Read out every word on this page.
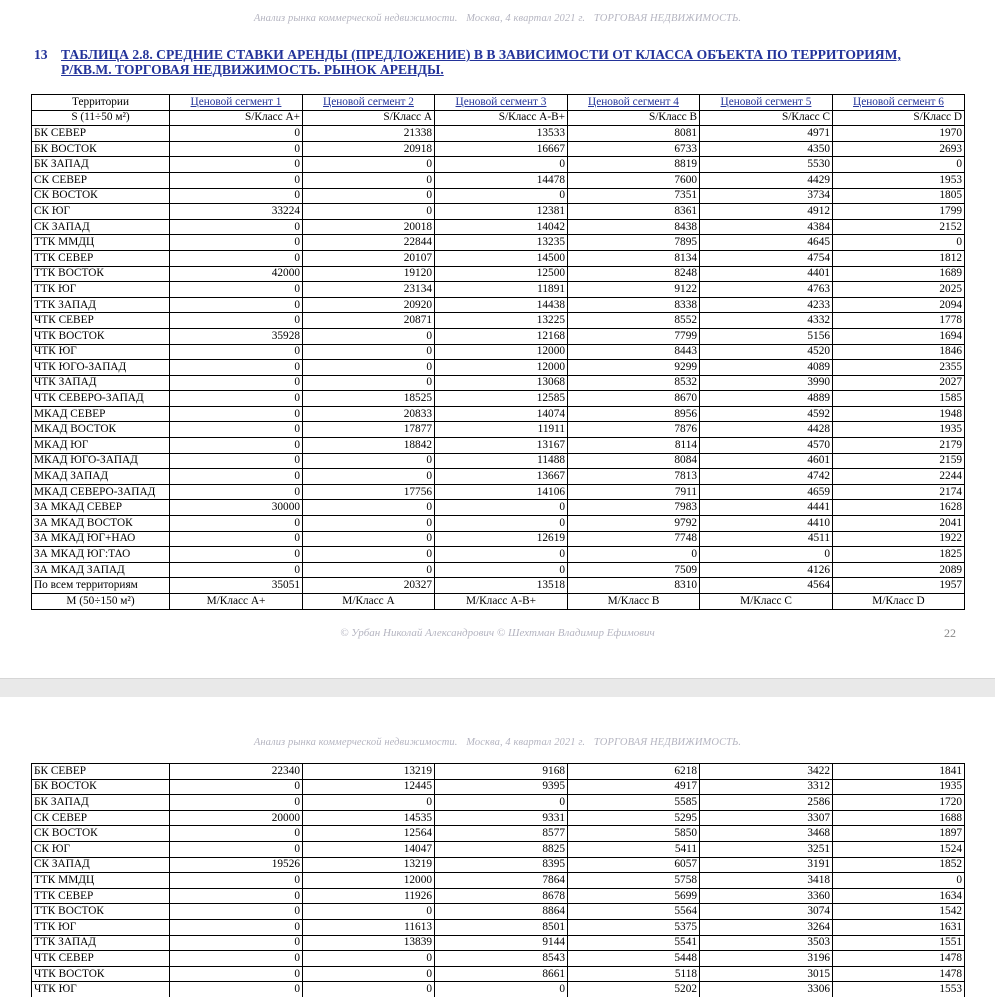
Анализ рынка коммерческой недвижимости. Москва, 4 квартал 2021 г. ТОРГОВАЯ НЕДВИЖИМОСТЬ.
13 ТАБЛИЦА 2.8. СРЕДНИЕ СТАВКИ АРЕНДЫ (ПРЕДЛОЖЕНИЕ) В В ЗАВИСИМОСТИ ОТ КЛАССА ОБЪЕКТА ПО ТЕРРИТОРИЯМ,
Р/КВ.М. ТОРГОВАЯ НЕДВИЖИМОСТЬ. РЫНОК АРЕНДЫ.
Территории	Ценовой сегмент 1	Ценовой сегмент 2	Ценовой сегмент 3	Ценовой сегмент 4	Ценовой сегмент 5	Ценовой сегмент 6
S (11÷50 м²)	S/Класс А+	S/Класс А	S/Класс А-В+	S/Класс В	S/Класс С	S/Класс D
БК СЕВЕР	0	21338	13533	8081	4971	1970
БК ВОСТОК	0	20918	16667	6733	4350	2693
БК ЗАПАД	0	0	0	8819	5530	0
СК СЕВЕР	0	0	14478	7600	4429	1953
СК ВОСТОК	0	0	0	7351	3734	1805
СК ЮГ	33224	0	12381	8361	4912	1799
СК ЗАПАД	0	20018	14042	8438	4384	2152
ТТК ММДЦ	0	22844	13235	7895	4645	0
ТТК СЕВЕР	0	20107	14500	8134	4754	1812
ТТК ВОСТОК	42000	19120	12500	8248	4401	1689
ТТК ЮГ	0	23134	11891	9122	4763	2025
ТТК ЗАПАД	0	20920	14438	8338	4233	2094
ЧТК СЕВЕР	0	20871	13225	8552	4332	1778
ЧТК ВОСТОК	35928	0	12168	7799	5156	1694
ЧТК ЮГ	0	0	12000	8443	4520	1846
ЧТК ЮГО-ЗАПАД	0	0	12000	9299	4089	2355
ЧТК ЗАПАД	0	0	13068	8532	3990	2027
ЧТК СЕВЕРО-ЗАПАД	0	18525	12585	8670	4889	1585
МКАД СЕВЕР	0	20833	14074	8956	4592	1948
МКАД ВОСТОК	0	17877	11911	7876	4428	1935
МКАД ЮГ	0	18842	13167	8114	4570	2179
МКАД ЮГО-ЗАПАД	0	0	11488	8084	4601	2159
МКАД ЗАПАД	0	0	13667	7813	4742	2244
МКАД СЕВЕРО-ЗАПАД	0	17756	14106	7911	4659	2174
ЗА МКАД СЕВЕР	30000	0	0	7983	4441	1628
ЗА МКАД ВОСТОК	0	0	0	9792	4410	2041
ЗА МКАД ЮГ+НАО	0	0	12619	7748	4511	1922
ЗА МКАД ЮГ:ТАО	0	0	0	0	0	1825
ЗА МКАД ЗАПАД	0	0	0	7509	4126	2089
По всем территориям	35051	20327	13518	8310	4564	1957
M (50÷150 м²)	М/Класс А+	М/Класс А	М/Класс А-В+	М/Класс В	М/Класс С	М/Класс D
© Урбан Николай Александрович © Шехтман Владимир Ефимович	22
Анализ рынка коммерческой недвижимости. Москва, 4 квартал 2021 г. ТОРГОВАЯ НЕДВИЖИМОСТЬ.
БК СЕВЕР	22340	13219	9168	6218	3422	1841
БК ВОСТОК	0	12445	9395	4917	3312	1935
БК ЗАПАД	0	0	0	5585	2586	1720
СК СЕВЕР	20000	14535	9331	5295	3307	1688
СК ВОСТОК	0	12564	8577	5850	3468	1897
СК ЮГ	0	14047	8825	5411	3251	1524
СК ЗАПАД	19526	13219	8395	6057	3191	1852
ТТК ММДЦ	0	12000	7864	5758	3418	0
ТТК СЕВЕР	0	11926	8678	5699	3360	1634
ТТК ВОСТОК	0	0	8864	5564	3074	1542
ТТК ЮГ	0	11613	8501	5375	3264	1631
ТТК ЗАПАД	0	13839	9144	5541	3503	1551
ЧТК СЕВЕР	0	0	8543	5448	3196	1478
ЧТК ВОСТОК	0	0	8661	5118	3015	1478
ЧТК ЮГ	0	0	0	5202	3306	1553
